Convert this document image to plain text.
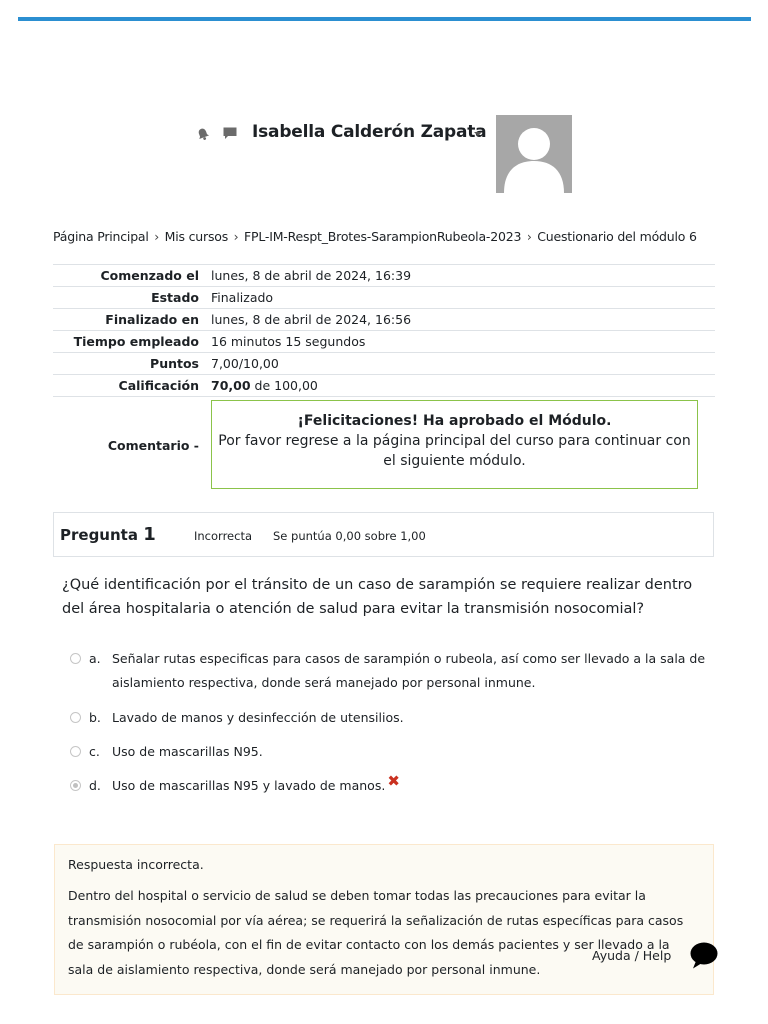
Isabella Calderón Zapata
Página Principal › Mis cursos › FPL-IM-Respt_Brotes-SarampionRubeola-2023 › Cuestionario del módulo 6
Comenzado el	lunes, 8 de abril de 2024, 16:39
Estado	Finalizado
Finalizado en	lunes, 8 de abril de 2024, 16:56
Tiempo empleado	16 minutos 15 segundos
Puntos	7,00/10,00
Calificación	70,00 de 100,00
Comentario -	¡Felicitaciones! Ha aprobado el Módulo.
Por favor regrese a la página principal del curso para continuar con el siguiente módulo.
Pregunta 1	Incorrecta Se puntúa 0,00 sobre 1,00
¿Qué identificación por el tránsito de un caso de sarampión se requiere realizar dentro del área hospitalaria o atención de salud para evitar la transmisión nosocomial?
a. Señalar rutas especificas para casos de sarampión o rubeola, así como ser llevado a la sala de aislamiento respectiva, donde será manejado por personal inmune.
b. Lavado de manos y desinfección de utensilios.
c. Uso de mascarillas N95.
d. Uso de mascarillas N95 y lavado de manos. ✖
Respuesta incorrecta.
Dentro del hospital o servicio de salud se deben tomar todas las precauciones para evitar la transmisión nosocomial por vía aérea; se requerirá la señalización de rutas específicas para casos de sarampión o rubéola, con el fin de evitar contacto con los demás pacientes y ser llevado a la sala de aislamiento respectiva, donde será manejado por personal inmune.
Ayuda / Help
